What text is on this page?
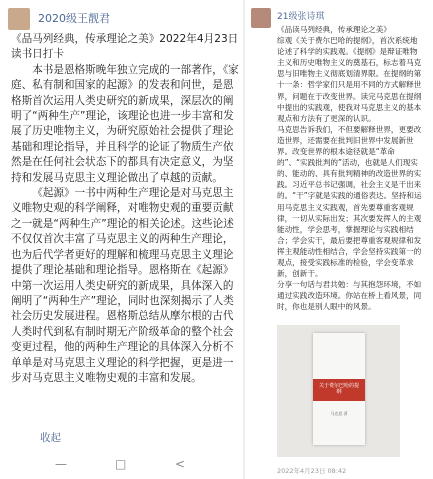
2020级王靓君

《品马列经典，传承理论之美》2022年4月23日读书日打卡

本书是恩格斯晚年独立完成的一部著作，《家庭、私有制和国家的起源》的发表和问世，是恩格斯首次运用人类史研究的新成果，深层次的阐明了“两种生产”理论，该理论也进一步丰富和发展了历史唯物主义，为研究原始社会提供了理论基础和理论指导，并且科学的论证了物质生产依然是在任何社会状态下的都具有决定意义，为坚持和发展马克思主义理论做出了卓越的贡献。

《起源》一书中两种生产理论是对马克思主义唯物史观的科学阐释，对唯物史观的重要贡献之一就是“两种生产”理论的相关论述。这些论述不仅仅首次丰富了马克思主义的两种生产理论，也为后代学者更好的理解和梳理马克思主义理论提供了理论基础和理论指导。恩格斯在《起源》中第一次运用人类史研究的新成果，具体深入的阐明了“两种生产”理论，同时也深刻揭示了人类社会历史发展进程。恩格斯总结从摩尔根的古代人类时代到私有制时期无产阶级革命的整个社会变更过程，他的两种生产理论的具体深入分析不单单是对马克思主义理论的科学把握，更是进一步对马克思主义唯物史观的丰富和发展。

收起
—	□	<
21级张诗琪

《品读马列经典，传承理论之美》

综观《关于费尔巴哈的提纲》，首次系统地论述了科学的实践观。《提纲》是辩证唯物主义和历史唯物主义的奠基石，标志着马克思与旧唯物主义彻底划清界限。在提纲的第十一条：哲学家们只是用不同的方式解释世界，问题在于改变世界。读完马克思在提纲中提出的实践观，使我对马克思主义的基本观点和方法有了更深的认识。

马克思告诉我们，不但要解释世界，更要改造世界，还需要在批判旧世界中发展新世界。改变世界的根本途径就是“革命的”、“实践批判的”活动，也就是人们现实的、能动的、具有批判精神的改造世界的实践。习近平总书记强调，社会主义是干出来的。“干”字就是实践的通俗表达。坚持和运用马克思主义实践观，首先要尊重客观规律，一切从实际出发；其次要发挥人的主观能动性，学会思考，掌握理论与实践相结合；学会实干，最后要把尊重客观规律和发挥主观能动性相结合，学会坚持实践第一的观点，接受实践标准的检验，学会变革求新，创新干。

分享一句话与君共勉：与其抱怨环境，不如通过实践改造环境。你站在桥上看风景，同时，你也是别人眼中的风景。

关于费尔巴哈的提纲
马克思 著
2022年4月23日 08:42
